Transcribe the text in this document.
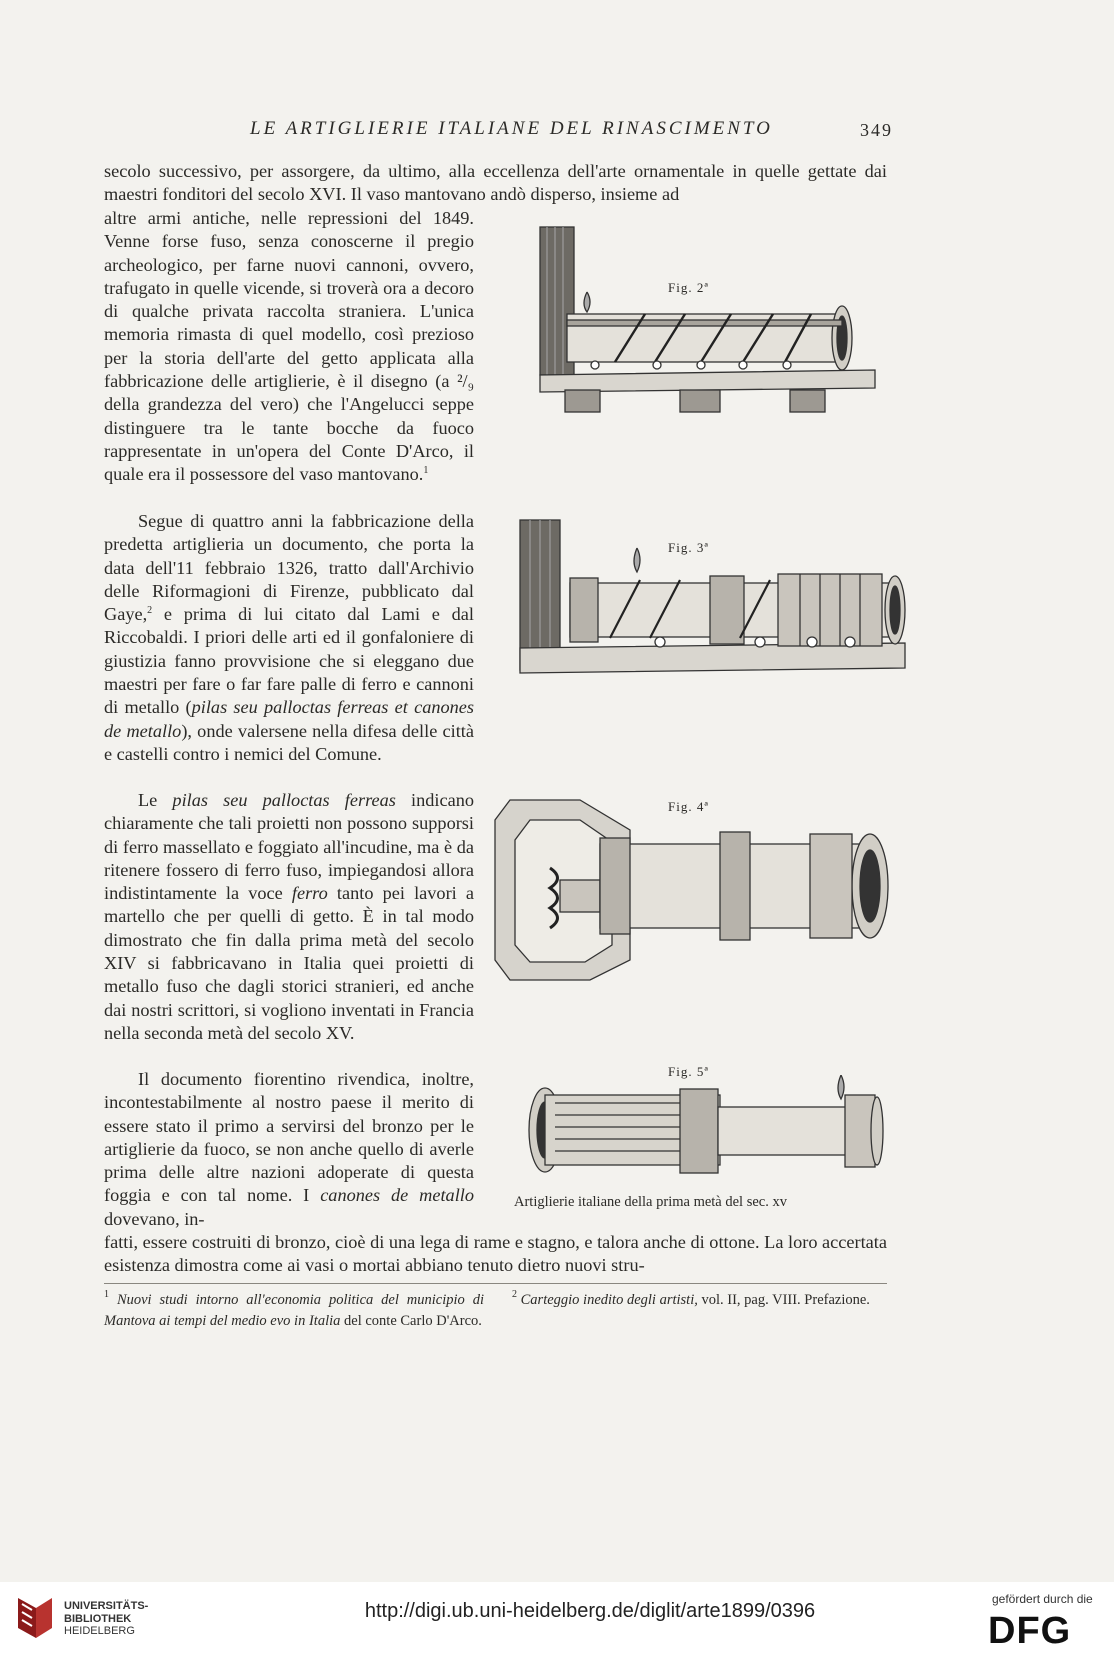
LE ARTIGLIERIE ITALIANE DEL RINASCIMENTO	349
secolo successivo, per assorgere, da ultimo, alla eccellenza dell'arte ornamentale in quelle gettate dai maestri fonditori del secolo XVI. Il vaso mantovano andò disperso, insieme ad
altre armi antiche, nelle repressioni del 1849. Venne forse fuso, senza conoscerne il pregio archeologico, per farne nuovi cannoni, ovvero, trafugato in quelle vicende, si troverà ora a decoro di qualche privata raccolta straniera. L'unica memoria rimasta di quel modello, così prezioso per la storia dell'arte del getto applicata alla fabbricazione delle artiglierie, è il disegno (a ²/₉ della grandezza del vero) che l'Angelucci seppe distinguere tra le tante bocche da fuoco rappresentate in un'opera del Conte D'Arco, il quale era il possessore del vaso mantovano.$^1$
Segue di quattro anni la fabbricazione della predetta artiglieria un documento, che porta la data dell'11 febbraio 1326, tratto dall'Archivio delle Riformagioni di Firenze, pubblicato dal Gaye,$^2$ e prima di lui citato dal Lami e dal Riccobaldi. I priori delle arti ed il gonfaloniere di giustizia fanno provvisione che si eleggano due maestri per fare o far fare palle di ferro e cannoni di metallo (pilas seu palloctas ferreas et canones de metallo), onde valersene nella difesa delle città e castelli contro i nemici del Comune.
Le pilas seu palloctas ferreas indicano chiaramente che tali proietti non possono supporsi di ferro massellato e foggiato all'incudine, ma è da ritenere fossero di ferro fuso, impiegandosi allora indistintamente la voce ferro tanto pei lavori a martello che per quelli di getto. È in tal modo dimostrato che fin dalla prima metà del secolo XIV si fabbricavano in Italia quei proietti di metallo fuso che dagli storici stranieri, ed anche dai nostri scrittori, si vogliono inventati in Francia nella seconda metà del secolo XV.
Il documento fiorentino rivendica, inoltre, incontestabilmente al nostro paese il merito di essere stato il primo a servirsi del bronzo per le artiglierie da fuoco, se non anche quello di averle prima delle altre nazioni adoperate di questa foggia e con tal nome. I canones de metallo dovevano, in-
fatti, essere costruiti di bronzo, cioè di una lega di rame e stagno, e talora anche di ottone. La loro accertata esistenza dimostra come ai vasi o mortai abbiano tenuto dietro nuovi stru-
Fig. 2ª
Fig. 3ª
Fig. 4ª
Fig. 5ª
Artiglierie italiane della prima metà del sec. xv
$^1$ Nuovi studi intorno all'economia politica del municipio di Mantova ai tempi del medio evo in Italia del conte Carlo D'Arco.
$^2$ Carteggio inedito degli artisti, vol. II, pag. VIII. Prefazione.
UNIVERSITÄTS-
BIBLIOTHEK
HEIDELBERG
http://digi.ub.uni-heidelberg.de/diglit/arte1899/0396
gefördert durch die
DFG
